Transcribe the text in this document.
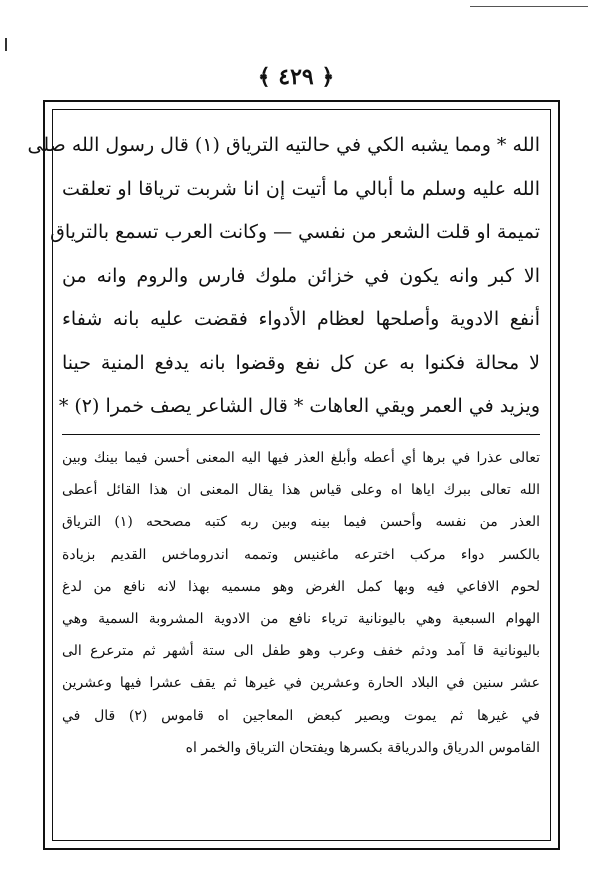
﴿ ٤٢٩ ﴾
الله * ومما يشبه الكي في حالتيه الترياق (١) قال رسول الله صلى
الله عليه وسلم ما أبالي ما أتيت إن انا شربت ترياقا او تعلقت
تميمة او قلت الشعر من نفسي — وكانت العرب تسمع بالترياق
الا كبر وانه يكون في خزائن ملوك فارس والروم وانه من
أنفع الادوية وأصلحها لعظام الأدواء فقضت عليه بانه شفاء
لا محالة فكنوا به عن كل نفع وقضوا بانه يدفع المنية حينا
ويزيد في العمر ويقي العاهات * قال الشاعر يصف خمرا (٢) *
تعالى عذرا في برها أي أعطه وأبلغ العذر فيها اليه المعنى أحسن فيما بينك وبين
الله تعالى ببرك اياها اه وعلى قياس هذا يقال المعنى ان هذا القائل أعطى
العذر من نفسه وأحسن فيما بينه وبين ربه كتبه مصححه (١) الترياق
بالكسر دواء مركب اخترعه ماغنيس وتممه اندروماخس القديم بزيادة
لحوم الافاعي فيه وبها كمل الغرض وهو مسميه بهذا لانه نافع من لدغ
الهوام السبعية وهي باليونانية ترياء نافع من الادوية المشروبة السمية وهي
باليونانية قا آمد ودثم خفف وعرب وهو طفل الى ستة أشهر ثم مترعرع الى
عشر سنين في البلاد الحارة وعشرين في غيرها ثم يقف عشرا فيها وعشرين
في غيرها ثم يموت ويصير كبعض المعاجين اه قاموس (٢) قال في
القاموس الدرياق والدرياقة بكسرها ويفتحان الترياق والخمر اه
